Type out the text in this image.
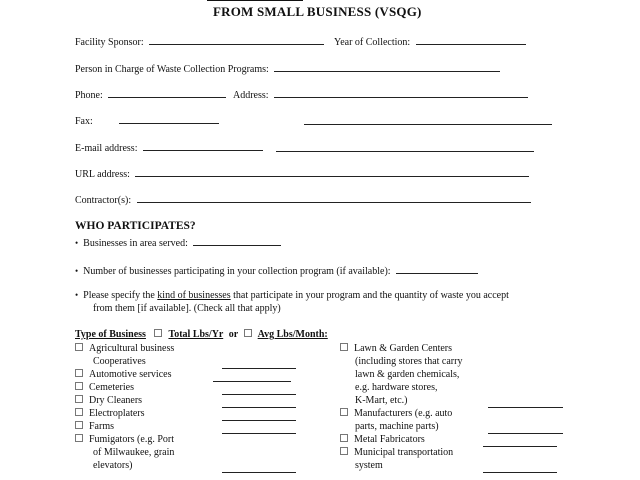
FROM SMALL BUSINESS (VSQG)
Facility Sponsor:	Year of Collection:
Person in Charge of Waste Collection Programs:
Phone:	Address:
Fax:
E-mail address:
URL address:
Contractor(s):
WHO PARTICIPATES?
• Businesses in area served:
• Number of businesses participating in your collection program (if available):
• Please specify the kind of businesses that participate in your program and the quantity of waste you accept
from them [if available]. (Check all that apply)
Type of Business Total Lbs/Yr or Avg Lbs/Month:
Agricultural business
Cooperatives
Automotive services
Cemeteries
Dry Cleaners
Electroplaters
Farms
Fumigators (e.g. Port
of Milwaukee, grain
elevators)
Lawn & Garden Centers
(including stores that carry
lawn & garden chemicals,
e.g. hardware stores,
K-Mart, etc.)
Manufacturers (e.g. auto
parts, machine parts)
Metal Fabricators
Municipal transportation
system
